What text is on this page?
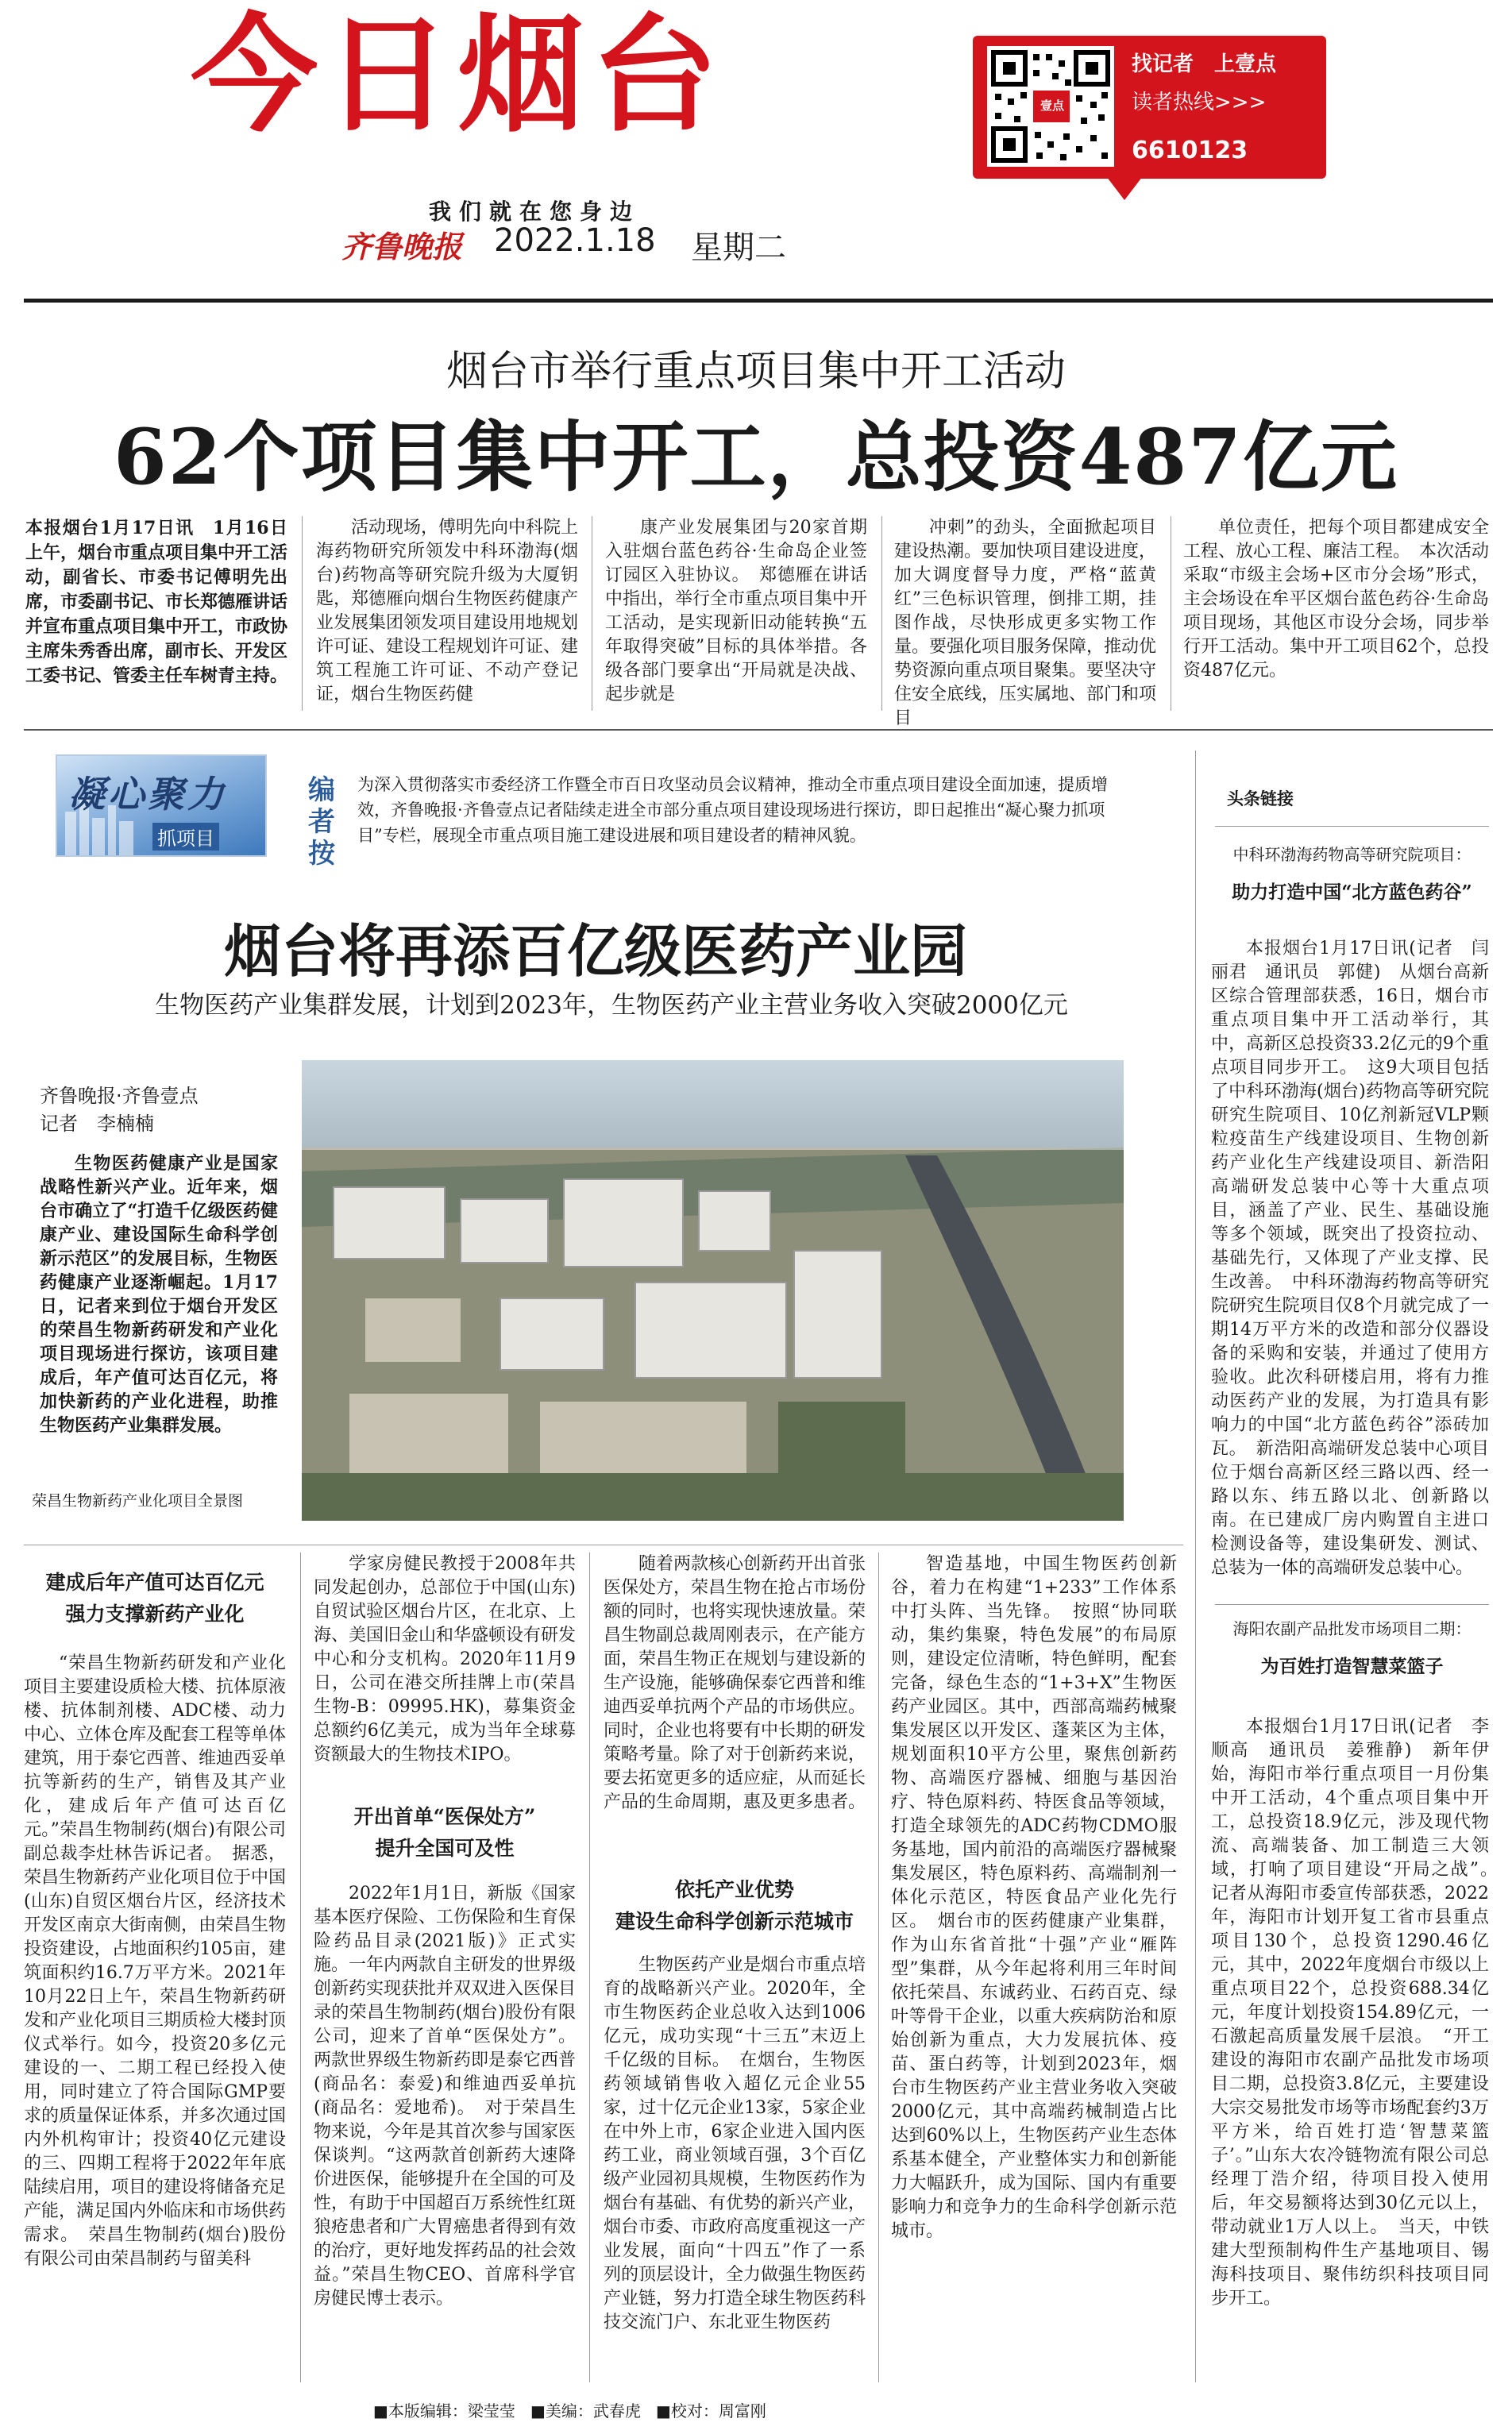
今日烟台
我们就在您身边
齐鲁晚报 2022.1.18 星期二
壹点
找记者　上壹点
读者热线>>>
6610123
烟台市举行重点项目集中开工活动
62个项目集中开工，总投资487亿元

本报烟台1月17日讯　1月16日上午，烟台市重点项目集中开工活动，副省长、市委书记傅明先出席，市委副书记、市长郑德雁讲话并宣布重点项目集中开工，市政协主席朱秀香出席，副市长、开发区工委书记、管委主任车树青主持。

活动现场，傅明先向中科院上海药物研究所领发中科环渤海(烟台)药物高等研究院升级为大厦钥匙，郑德雁向烟台生物医药健康产业发展集团领发项目建设用地规划许可证、建设工程规划许可证、建筑工程施工许可证、不动产登记证，烟台生物医药健

康产业发展集团与20家首期入驻烟台蓝色药谷·生命岛企业签订园区入驻协议。　郑德雁在讲话中指出，举行全市重点项目集中开工活动，是实现新旧动能转换“五年取得突破”目标的具体举措。各级各部门要拿出“开局就是决战、起步就是

冲刺”的劲头，全面掀起项目建设热潮。要加快项目建设进度，加大调度督导力度，严格“蓝黄红”三色标识管理，倒排工期，挂图作战，尽快形成更多实物工作量。要强化项目服务保障，推动优势资源向重点项目聚集。要坚决守住安全底线，压实属地、部门和项目

单位责任，把每个项目都建成安全工程、放心工程、廉洁工程。　本次活动采取“市级主会场+区市分会场”形式，主会场设在牟平区烟台蓝色药谷·生命岛项目现场，其他区市设分会场，同步举行开工活动。集中开工项目62个，总投资487亿元。

凝心聚力
抓项目
编者按
为深入贯彻落实市委经济工作暨全市百日攻坚动员会议精神，推动全市重点项目建设全面加速，提质增效，齐鲁晚报·齐鲁壹点记者陆续走进全市部分重点项目建设现场进行探访，即日起推出“凝心聚力抓项目”专栏，展现全市重点项目施工建设进展和项目建设者的精神风貌。
烟台将再添百亿级医药产业园
生物医药产业集群发展，计划到2023年，生物医药产业主营业务收入突破2000亿元
齐鲁晚报·齐鲁壹点
记者　李楠楠

生物医药健康产业是国家战略性新兴产业。近年来，烟台市确立了“打造千亿级医药健康产业、建设国际生命科学创新示范区”的发展目标，生物医药健康产业逐渐崛起。1月17日，记者来到位于烟台开发区的荣昌生物新药研发和产业化项目现场进行探访，该项目建成后，年产值可达百亿元，将加快新药的产业化进程，助推生物医药产业集群发展。

荣昌生物新药产业化项目全景图
建成后年产值可达百亿元
强力支撑新药产业化

“荣昌生物新药研发和产业化项目主要建设质检大楼、抗体原液楼、抗体制剂楼、ADC楼、动力中心、立体仓库及配套工程等单体建筑，用于泰它西普、维迪西妥单抗等新药的生产，销售及其产业化，建成后年产值可达百亿元。”荣昌生物制药(烟台)有限公司副总裁李灶林告诉记者。　据悉，荣昌生物新药产业化项目位于中国(山东)自贸区烟台片区，经济技术开发区南京大街南侧，由荣昌生物投资建设，占地面积约105亩，建筑面积约16.7万平方米。2021年10月22日上午，荣昌生物新药研发和产业化项目三期质检大楼封顶仪式举行。如今，投资20多亿元建设的一、二期工程已经投入使用，同时建立了符合国际GMP要求的质量保证体系，并多次通过国内外机构审计；投资40亿元建设的三、四期工程将于2022年年底陆续启用，项目的建设将储备充足产能，满足国内外临床和市场供药需求。　荣昌生物制药(烟台)股份有限公司由荣昌制药与留美科

学家房健民教授于2008年共同发起创办，总部位于中国(山东)自贸试验区烟台片区，在北京、上海、美国旧金山和华盛顿设有研发中心和分支机构。2020年11月9日，公司在港交所挂牌上市(荣昌生物-B：09995.HK)，募集资金总额约6亿美元，成为当年全球募资额最大的生物技术IPO。

开出首单“医保处方”
提升全国可及性

2022年1月1日，新版《国家基本医疗保险、工伤保险和生育保险药品目录(2021版)》正式实施。一年内两款自主研发的世界级创新药实现获批并双双进入医保目录的荣昌生物制药(烟台)股份有限公司，迎来了首单“医保处方”。两款世界级生物新药即是泰它西普(商品名：泰爱)和维迪西妥单抗(商品名：爱地希)。　对于荣昌生物来说，今年是其首次参与国家医保谈判。“这两款首创新药大速降价进医保，能够提升在全国的可及性，有助于中国超百万系统性红斑狼疮患者和广大胃癌患者得到有效的治疗，更好地发挥药品的社会效益。”荣昌生物CEO、首席科学官房健民博士表示。

随着两款核心创新药开出首张医保处方，荣昌生物在抢占市场份额的同时，也将实现快速放量。荣昌生物副总裁周刚表示，在产能方面，荣昌生物正在规划与建设新的生产设施，能够确保泰它西普和维迪西妥单抗两个产品的市场供应。同时，企业也将要有中长期的研发策略考量。除了对于创新药来说，要去拓宽更多的适应症，从而延长产品的生命周期，惠及更多患者。

依托产业优势
建设生命科学创新示范城市

生物医药产业是烟台市重点培育的战略新兴产业。2020年，全市生物医药企业总收入达到1006亿元，成功实现“十三五”末迈上千亿级的目标。　在烟台，生物医药领域销售收入超亿元企业55家，过十亿元企业13家，5家企业在中外上市，6家企业进入国内医药工业，商业领域百强，3个百亿级产业园初具规模，生物医药作为烟台有基础、有优势的新兴产业，烟台市委、市政府高度重视这一产业发展，面向“十四五”作了一系列的顶层设计，全力做强生物医药产业链，努力打造全球生物医药科技交流门户、东北亚生物医药

智造基地，中国生物医药创新谷，着力在构建“1+233”工作体系中打头阵、当先锋。　按照“协同联动，集约集聚，特色发展”的布局原则，建设定位清晰，特色鲜明，配套完备，绿色生态的“1+3+X”生物医药产业园区。其中，西部高端药械聚集发展区以开发区、蓬莱区为主体，规划面积10平方公里，聚焦创新药物、高端医疗器械、细胞与基因治疗、特色原料药、特医食品等领域，打造全球领先的ADC药物CDMO服务基地，国内前沿的高端医疗器械聚集发展区，特色原料药、高端制剂一体化示范区，特医食品产业化先行区。　烟台市的医药健康产业集群，作为山东省首批“十强”产业“雁阵型”集群，从今年起将利用三年时间依托荣昌、东诚药业、石药百克、绿叶等骨干企业，以重大疾病防治和原始创新为重点，大力发展抗体、疫苗、蛋白药等，计划到2023年，烟台市生物医药产业主营业务收入突破2000亿元，其中高端药械制造占比达到60%以上，生物医药产业生态体系基本健全，产业整体实力和创新能力大幅跃升，成为国际、国内有重要影响力和竞争力的生命科学创新示范城市。

头条链接
中科环渤海药物高等研究院项目：
助力打造中国“北方蓝色药谷”

本报烟台1月17日讯(记者　闫丽君　通讯员　郭健)　从烟台高新区综合管理部获悉，16日，烟台市重点项目集中开工活动举行，其中，高新区总投资33.2亿元的9个重点项目同步开工。　这9大项目包括了中科环渤海(烟台)药物高等研究院研究生院项目、10亿剂新冠VLP颗粒疫苗生产线建设项目、生物创新药产业化生产线建设项目、新浩阳高端研发总装中心等十大重点项目，涵盖了产业、民生、基础设施等多个领域，既突出了投资拉动、基础先行，又体现了产业支撑、民生改善。　中科环渤海药物高等研究院研究生院项目仅8个月就完成了一期14万平方米的改造和部分仪器设备的采购和安装，并通过了使用方验收。此次科研楼启用，将有力推动医药产业的发展，为打造具有影响力的中国“北方蓝色药谷”添砖加瓦。　新浩阳高端研发总装中心项目位于烟台高新区经三路以西、经一路以东、纬五路以北、创新路以南。在已建成厂房内购置自主进口检测设备等，建设集研发、测试、总装为一体的高端研发总装中心。

海阳农副产品批发市场项目二期：
为百姓打造智慧菜篮子

本报烟台1月17日讯(记者　李顺高　通讯员　姜雅静)　新年伊始，海阳市举行重点项目一月份集中开工活动，4个重点项目集中开工，总投资18.9亿元，涉及现代物流、高端装备、加工制造三大领域，打响了项目建设“开局之战”。　记者从海阳市委宣传部获悉，2022年，海阳市计划开复工省市县重点项目130个，总投资1290.46亿元，其中，2022年度烟台市级以上重点项目22个，总投资688.34亿元，年度计划投资154.89亿元，一石激起高质量发展千层浪。　“开工建设的海阳市农副产品批发市场项目二期，总投资3.8亿元，主要建设大宗交易批发市场等市场配套约3万平方米，给百姓打造‘智慧菜篮子’。”山东大农冷链物流有限公司总经理丁浩介绍，待项目投入使用后，年交易额将达到30亿元以上，带动就业1万人以上。　当天，中铁建大型预制构件生产基地项目、锡海科技项目、聚伟纺织科技项目同步开工。

■本版编辑：梁莹莹 ■美编：武春虎 ■校对：周富刚
